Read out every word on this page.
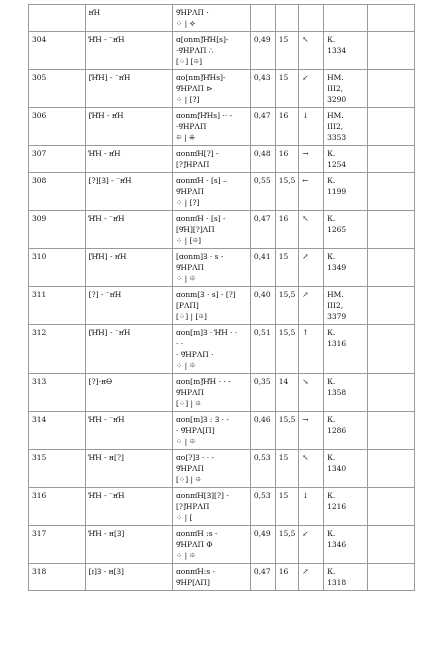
	ʜꞪ	ꝮꞪPΛП ·
⁘ | ⯎					

304	ꞪꞪ - ⁻ʜꞪ	ɑ[onm]ꞪꞪ[s]-
·ꝮꞪPΛП ∴
[⁘] [⯐]	0,49	15	↖	К.
1334	

305	[ꞪꞪ] - ⁻ʜꞪ	ɑo[nm]ꞪꞪs]-
ꝮꞪPΛП ⊳
⁘ | [?]	0,43	15	↙	НМ.
III2,
3290	

306	[ꞪꞪ - ʜꞪ	ɑonm[ꞪꞪs] ·· -
·ꝮꞪPΛП
⯐ | ⁜	0,47	16	↓	НМ.
III2,
3353	

307	ꞪꞪ - ʜꞪ	ɑonmꞪ[?] -
[?]ꞪPΛП	0,48	16	→	К.
1254	

308	[?][Ɜ] - ⁻ʜꞪ	ɑonmꞪ · [s] –
ꝮꞪPΛП
⁘ | [?]	0,55	15,5	←	К.
1199	

309	ꞪꞪ - ⁻ʜꞪ	ɑonmꞪ · [s] -
[ꝮꞪ][?]ΛП
⁘ | [⯐]	0,47	16	↖	К.
1265	

310	[ꞪꞪ] - ʜꞪ	[ɑonm]Ɜ · s -
ꝮꞪPΛП
⁘ | ⯐	0,41	15	↗	К.
1349	

311	[?] - ⁻ʜꞪ	ɑonm[Ɜ · s] - [?]
[PΛП]
[⁘] | [⯐]	0,40	15,5	↗	НМ.
III2,
3379	

312	[ꞪꞪ] - ⁻ʜꞪ	ɑon[m]Ɜ · ꞪꞪ · ·
· ·
· ꝮꞪPΛП ·
⁘ | ⯐	0,51	15,5	↑	К.
1316	

313	[?]-ʜƟ	ɑon[m]ꞪꞪ · · -
ꝮꞪPΛП
[⁘] | ⯐	0,35	14	↘	К.
1358	

314	ꞪꞪ - ⁻ʜꞪ	ɑon[m]Ɜ : Ɜ · -
· ꝮꞪPΛ[П]
⁘ | ⯐	0,46	15,5	→	К.
1286	

315	ꞪꞪ - ʜ[?]	ɑo[?]Ɜ · · -
ꝮꞪPΛП
[⁘] | ⯐	0,53	15	↖	К.
1340	

316	ꞪꞪ - ⁻ʜꞪ	ɑonmꞪ[Ɜ][?] -
[?]ꞪPΛП
⁘ | [	0,53	15	↓	К.
1216	

317	ꞪꞪ - ʜ[Ɜ]	ɑonmꞪ :s -
ꝮꞪPΛП Φ
⁘ | ⯐	0,49	15,5	↙	К.
1346	

318	[ɪ]Ɜ - ʜ[Ɜ]	ɑonmꞪ:s -
ꝮꞪP[ΛП]	0,47	16	↗	К.
1318	
